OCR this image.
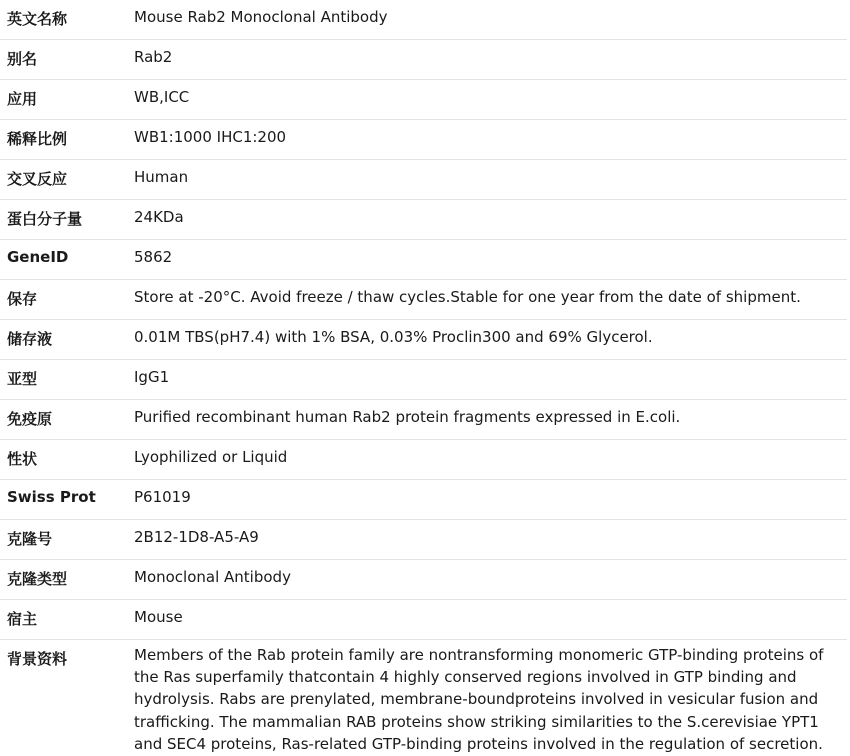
英文名称	Mouse Rab2 Monoclonal Antibody
别名	Rab2
应用	WB,ICC
稀释比例	WB1:1000 IHC1:200
交叉反应	Human
蛋白分子量	24KDa
GeneID	5862
保存	Store at -20°C. Avoid freeze / thaw cycles.Stable for one year from the date of shipment.
储存液	0.01M TBS(pH7.4) with 1% BSA, 0.03% Proclin300 and 69% Glycerol.
亚型	IgG1
免疫原	Purified recombinant human Rab2 protein fragments expressed in E.coli.
性状	Lyophilized or Liquid
Swiss Prot	P61019
克隆号	2B12-1D8-A5-A9
克隆类型	Monoclonal Antibody
宿主	Mouse
背景资料	Members of the Rab protein family are nontransforming monomeric GTP-binding proteins of the Ras superfamily thatcontain 4 highly conserved regions involved in GTP binding and hydrolysis. Rabs are prenylated, membrane-boundproteins involved in vesicular fusion and trafficking. The mammalian RAB proteins show striking similarities to the S.cerevisiae YPT1 and SEC4 proteins, Ras-related GTP-binding proteins involved in the regulation of secretion.
